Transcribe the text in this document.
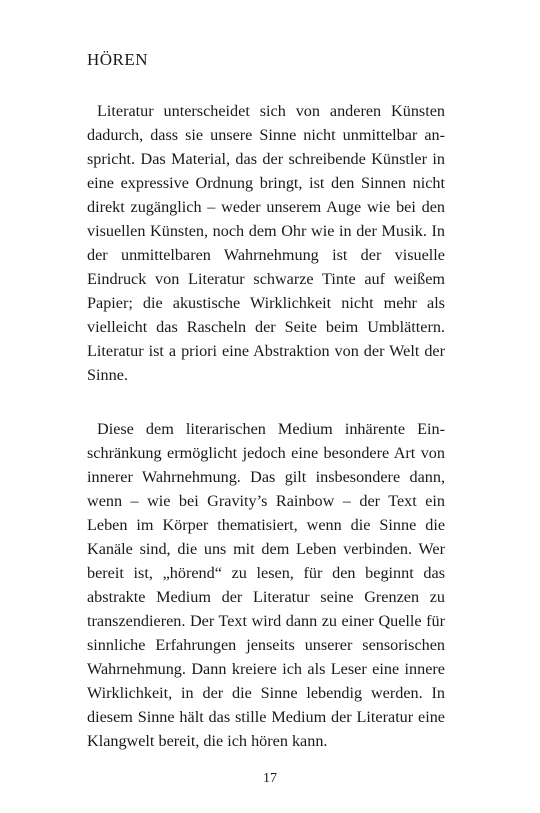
HÖREN

Literatur unterscheidet sich von anderen Künsten dadurch, dass sie unsere Sinne nicht unmittelbar anspricht. Das Material, das der schreibende Künstler in eine expressive Ordnung bringt, ist den Sinnen nicht direkt zugänglich – weder unserem Auge wie bei den visuellen Künsten, noch dem Ohr wie in der Musik. In der unmittelbaren Wahrnehmung ist der visuelle Eindruck von Literatur schwarze Tinte auf weißem Papier; die akustische Wirklichkeit nicht mehr als vielleicht das Rascheln der Seite beim Umblättern. Literatur ist a priori eine Abstraktion von der Welt der Sinne.

Diese dem literarischen Medium inhärente Einschränkung ermöglicht jedoch eine besondere Art von innerer Wahrnehmung. Das gilt insbesondere dann, wenn – wie bei Gravity’s Rainbow – der Text ein Leben im Körper thematisiert, wenn die Sinne die Kanäle sind, die uns mit dem Leben verbinden. Wer bereit ist, „hörend“ zu lesen, für den beginnt das abstrakte Medium der Literatur seine Grenzen zu transzendieren. Der Text wird dann zu einer Quelle für sinnliche Erfahrungen jenseits unserer sensorischen Wahrnehmung. Dann kreiere ich als Leser eine innere Wirklichkeit, in der die Sinne lebendig werden. In diesem Sinne hält das stille Medium der Literatur eine Klangwelt bereit, die ich hören kann.

17
